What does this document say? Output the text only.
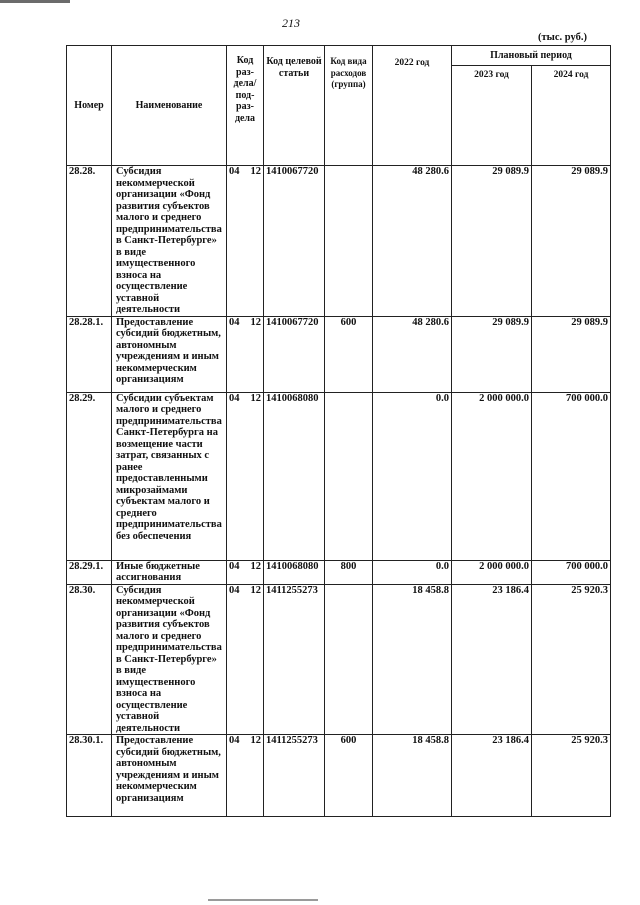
213
(тыс. руб.)
Номер	Наименование	Код раз-дела/ под-раз-дела	Код целевой статьи	Код вида расходов (группа)	2022 год	Плановый период	
						2023 год	2024 год
28.28.	Субсидия некоммерческой организации «Фонд развития субъектов малого и среднего предпринимательства в Санкт-Петербурге» в виде имущественного взноса на осуществление уставной деятельности	04 12	1410067720		48 280.6	29 089.9	29 089.9
28.28.1.	Предоставление субсидий бюджетным, автономным учреждениям и иным некоммерческим организациям	04 12	1410067720	600	48 280.6	29 089.9	29 089.9
28.29.	Субсидии субъектам малого и среднего предпринимательства Санкт-Петербурга на возмещение части затрат, связанных с ранее предоставленными микрозаймами субъектам малого и среднего предпринимательства без обеспечения	04 12	1410068080		0.0	2 000 000.0	700 000.0
28.29.1.	Иные бюджетные ассигнования	04 12	1410068080	800	0.0	2 000 000.0	700 000.0
28.30.	Субсидия некоммерческой организации «Фонд развития субъектов малого и среднего предпринимательства в Санкт-Петербурге» в виде имущественного взноса на осуществление уставной деятельности	04 12	1411255273		18 458.8	23 186.4	25 920.3
28.30.1.	Предоставление субсидий бюджетным, автономным учреждениям и иным некоммерческим организациям	04 12	1411255273	600	18 458.8	23 186.4	25 920.3
